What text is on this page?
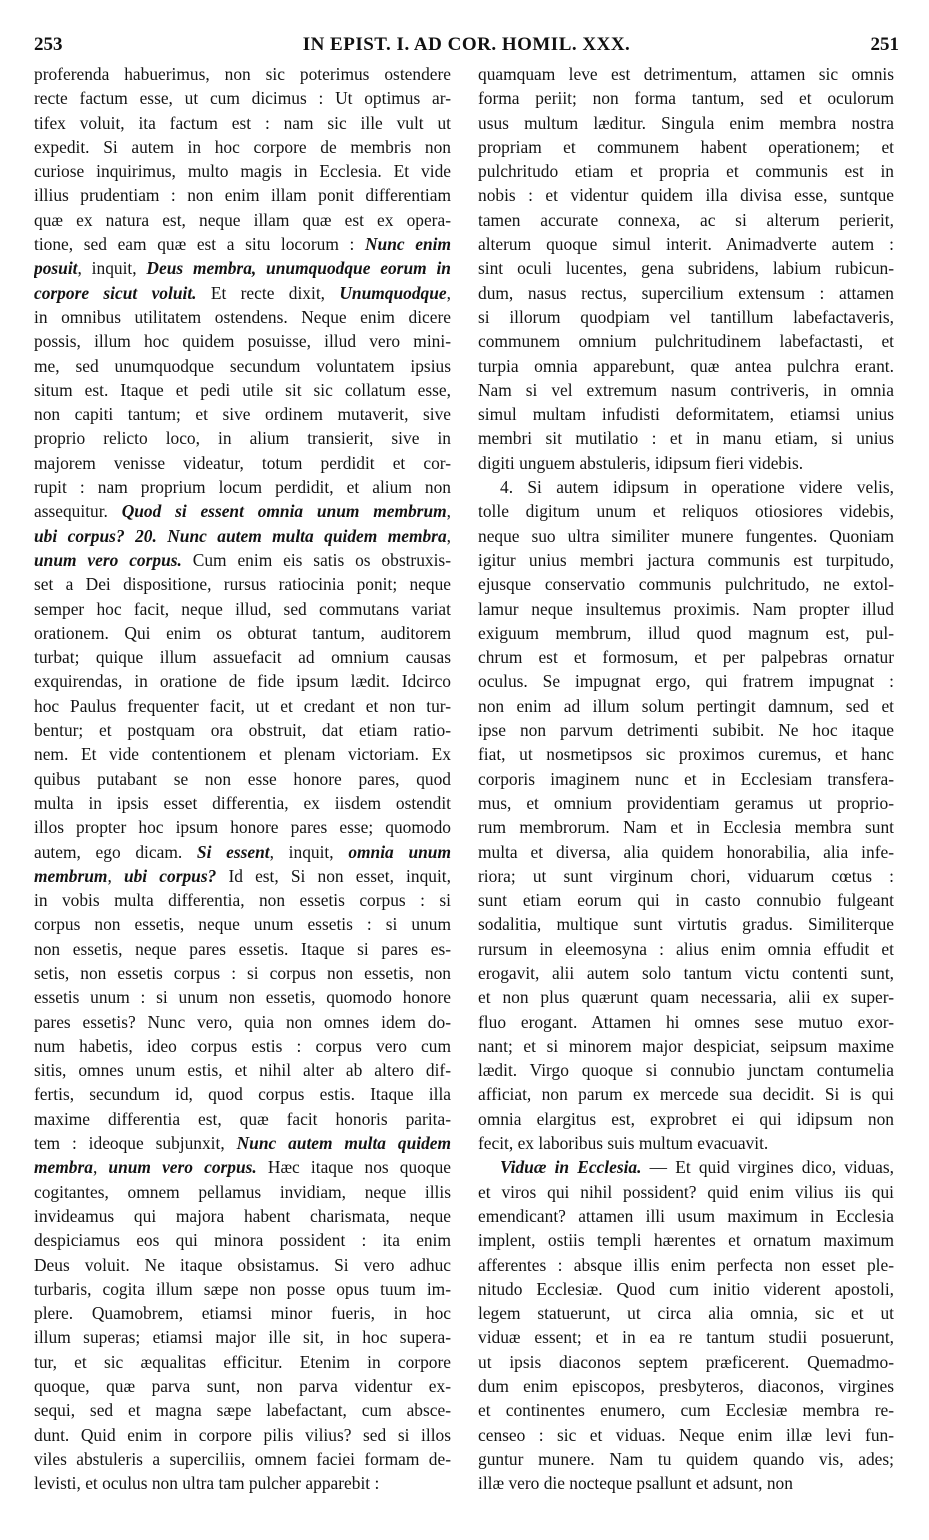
253	IN EPIST. I. AD COR. HOMIL. XXX.	251
proferenda habuerimus, non sic poterimus ostendere
recte factum esse, ut cum dicimus : Ut optimus ar-
tifex voluit, ita factum est : nam sic ille vult ut
expedit. Si autem in hoc corpore de membris non
curiose inquirimus, multo magis in Ecclesia. Et vide
illius prudentiam : non enim illam ponit differentiam
quæ ex natura est, neque illam quæ est ex opera-
tione, sed eam quæ est a situ locorum : Nunc enim
posuit, inquit, Deus membra, unumquodque eorum in
corpore sicut voluit. Et recte dixit, Unumquodque,
in omnibus utilitatem ostendens. Neque enim dicere
possis, illum hoc quidem posuisse, illud vero mini-
me, sed unumquodque secundum voluntatem ipsius
situm est. Itaque et pedi utile sit sic collatum esse,
non capiti tantum; et sive ordinem mutaverit, sive
proprio relicto loco, in alium transierit, sive in
majorem venisse videatur, totum perdidit et cor-
rupit : nam proprium locum perdidit, et alium non
assequitur. Quod si essent omnia unum membrum,
ubi corpus? 20. Nunc autem multa quidem membra,
unum vero corpus. Cum enim eis satis os obstruxis-
set a Dei dispositione, rursus ratiocinia ponit; neque
semper hoc facit, neque illud, sed commutans variat
orationem. Qui enim os obturat tantum, auditorem
turbat; quique illum assuefacit ad omnium causas
exquirendas, in oratione de fide ipsum lædit. Idcirco
hoc Paulus frequenter facit, ut et credant et non tur-
bentur; et postquam ora obstruit, dat etiam ratio-
nem. Et vide contentionem et plenam victoriam. Ex
quibus putabant se non esse honore pares, quod
multa in ipsis esset differentia, ex iisdem ostendit
illos propter hoc ipsum honore pares esse; quomodo
autem, ego dicam. Si essent, inquit, omnia unum
membrum, ubi corpus? Id est, Si non esset, inquit,
in vobis multa differentia, non essetis corpus : si
corpus non essetis, neque unum essetis : si unum
non essetis, neque pares essetis. Itaque si pares es-
setis, non essetis corpus : si corpus non essetis, non
essetis unum : si unum non essetis, quomodo honore
pares essetis? Nunc vero, quia non omnes idem do-
num habetis, ideo corpus estis : corpus vero cum
sitis, omnes unum estis, et nihil alter ab altero dif-
fertis, secundum id, quod corpus estis. Itaque illa
maxime differentia est, quæ facit honoris parita-
tem : ideoque subjunxit, Nunc autem multa quidem
membra, unum vero corpus. Hæc itaque nos quoque
cogitantes, omnem pellamus invidiam, neque illis
invideamus qui majora habent charismata, neque
despiciamus eos qui minora possident : ita enim
Deus voluit. Ne itaque obsistamus. Si vero adhuc
turbaris, cogita illum sæpe non posse opus tuum im-
plere. Quamobrem, etiamsi minor fueris, in hoc
illum superas; etiamsi major ille sit, in hoc supera-
tur, et sic æqualitas efficitur. Etenim in corpore
quoque, quæ parva sunt, non parva videntur ex-
sequi, sed et magna sæpe labefactant, cum absce-
dunt. Quid enim in corpore pilis vilius? sed si illos
viles abstuleris a superciliis, omnem faciei formam de-
levisti, et oculus non ultra tam pulcher apparebit :
quamquam leve est detrimentum, attamen sic omnis
forma periit; non forma tantum, sed et oculorum
usus multum læditur. Singula enim membra nostra
propriam et communem habent operationem; et
pulchritudo etiam et propria et communis est in
nobis : et videntur quidem illa divisa esse, suntque
tamen accurate connexa, ac si alterum perierit,
alterum quoque simul interit. Animadverte autem :
sint oculi lucentes, gena subridens, labium rubicun-
dum, nasus rectus, supercilium extensum : attamen
si illorum quodpiam vel tantillum labefactaveris,
communem omnium pulchritudinem labefactasti, et
turpia omnia apparebunt, quæ antea pulchra erant.
Nam si vel extremum nasum contriveris, in omnia
simul multam infudisti deformitatem, etiamsi unius
membri sit mutilatio : et in manu etiam, si unius
digiti unguem abstuleris, idipsum fieri videbis.
4. Si autem idipsum in operatione videre velis,
tolle digitum unum et reliquos otiosiores videbis,
neque suo ultra similiter munere fungentes. Quoniam
igitur unius membri jactura communis est turpitudo,
ejusque conservatio communis pulchritudo, ne extol-
lamur neque insultemus proximis. Nam propter illud
exiguum membrum, illud quod magnum est, pul-
chrum est et formosum, et per palpebras ornatur
oculus. Se impugnat ergo, qui fratrem impugnat :
non enim ad illum solum pertingit damnum, sed et
ipse non parvum detrimenti subibit. Ne hoc itaque
fiat, ut nosmetipsos sic proximos curemus, et hanc
corporis imaginem nunc et in Ecclesiam transfera-
mus, et omnium providentiam geramus ut proprio-
rum membrorum. Nam et in Ecclesia membra sunt
multa et diversa, alia quidem honorabilia, alia infe-
riora; ut sunt virginum chori, viduarum cœtus :
sunt etiam eorum qui in casto connubio fulgeant
sodalitia, multique sunt virtutis gradus. Similiterque
rursum in eleemosyna : alius enim omnia effudit et
erogavit, alii autem solo tantum victu contenti sunt,
et non plus quærunt quam necessaria, alii ex super-
fluo erogant. Attamen hi omnes sese mutuo exor-
nant; et si minorem major despiciat, seipsum maxime
lædit. Virgo quoque si connubio junctam contumelia
afficiat, non parum ex mercede sua decidit. Si is qui
omnia elargitus est, exprobret ei qui idipsum non
fecit, ex laboribus suis multum evacuavit.
Viduæ in Ecclesia. — Et quid virgines dico, viduas,
et viros qui nihil possident? quid enim vilius iis qui
emendicant? attamen illi usum maximum in Ecclesia
implent, ostiis templi hærentes et ornatum maximum
afferentes : absque illis enim perfecta non esset ple-
nitudo Ecclesiæ. Quod cum initio viderent apostoli,
legem statuerunt, ut circa alia omnia, sic et ut
viduæ essent; et in ea re tantum studii posuerunt,
ut ipsis diaconos septem præficerent. Quemadmo-
dum enim episcopos, presbyteros, diaconos, virgines
et continentes enumero, cum Ecclesiæ membra re-
censeo : sic et viduas. Neque enim illæ levi fun-
guntur munere. Nam tu quidem quando vis, ades;
illæ vero die nocteque psallunt et adsunt, non
